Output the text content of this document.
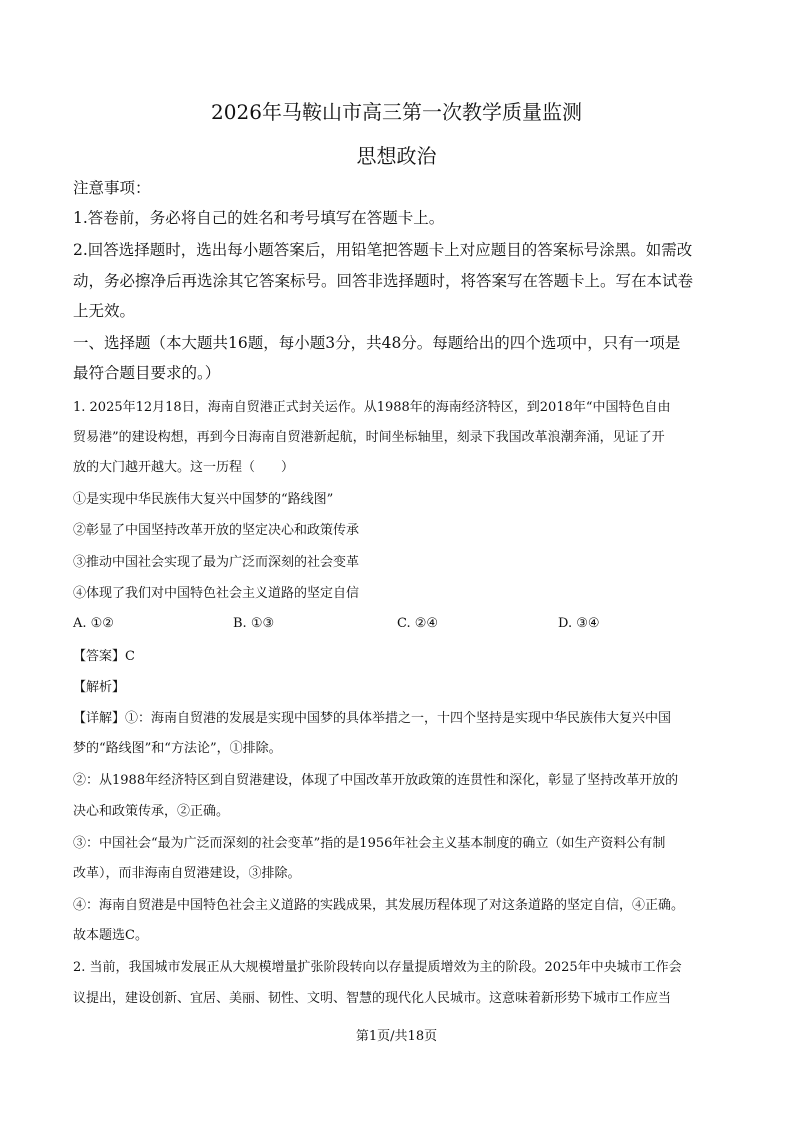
2026年马鞍山市高三第一次教学质量监测
思想政治
注意事项：
1.答卷前，务必将自己的姓名和考号填写在答题卡上。
2.回答选择题时，选出每小题答案后，用铅笔把答题卡上对应题目的答案标号涂黑。如需改
动，务必擦净后再选涂其它答案标号。回答非选择题时，将答案写在答题卡上。写在本试卷
上无效。
一、选择题（本大题共16题，每小题3分，共48分。每题给出的四个选项中，只有一项是
最符合题目要求的。）
1. 2025年12月18日，海南自贸港正式封关运作。从1988年的海南经济特区，到2018年“中国特色自由
贸易港”的建设构想，再到今日海南自贸港新起航，时间坐标轴里，刻录下我国改革浪潮奔涌，见证了开
放的大门越开越大。这一历程（　　）
①是实现中华民族伟大复兴中国梦的“路线图”
②彰显了中国坚持改革开放的坚定决心和政策传承
③推动中国社会实现了最为广泛而深刻的社会变革
④体现了我们对中国特色社会主义道路的坚定自信
A. ①②	B. ①③	C. ②④	D. ③④
【答案】C
【解析】
【详解】①：海南自贸港的发展是实现中国梦的具体举措之一，十四个坚持是实现中华民族伟大复兴中国
梦的“路线图”和“方法论”，①排除。
②：从1988年经济特区到自贸港建设，体现了中国改革开放政策的连贯性和深化，彰显了坚持改革开放的
决心和政策传承，②正确。
③：中国社会“最为广泛而深刻的社会变革”指的是1956年社会主义基本制度的确立（如生产资料公有制
改革），而非海南自贸港建设，③排除。
④：海南自贸港是中国特色社会主义道路的实践成果，其发展历程体现了对这条道路的坚定自信，④正确。
故本题选C。
2. 当前，我国城市发展正从大规模增量扩张阶段转向以存量提质增效为主的阶段。2025年中央城市工作会
议提出，建设创新、宜居、美丽、韧性、文明、智慧的现代化人民城市。这意味着新形势下城市工作应当
第1页/共18页
